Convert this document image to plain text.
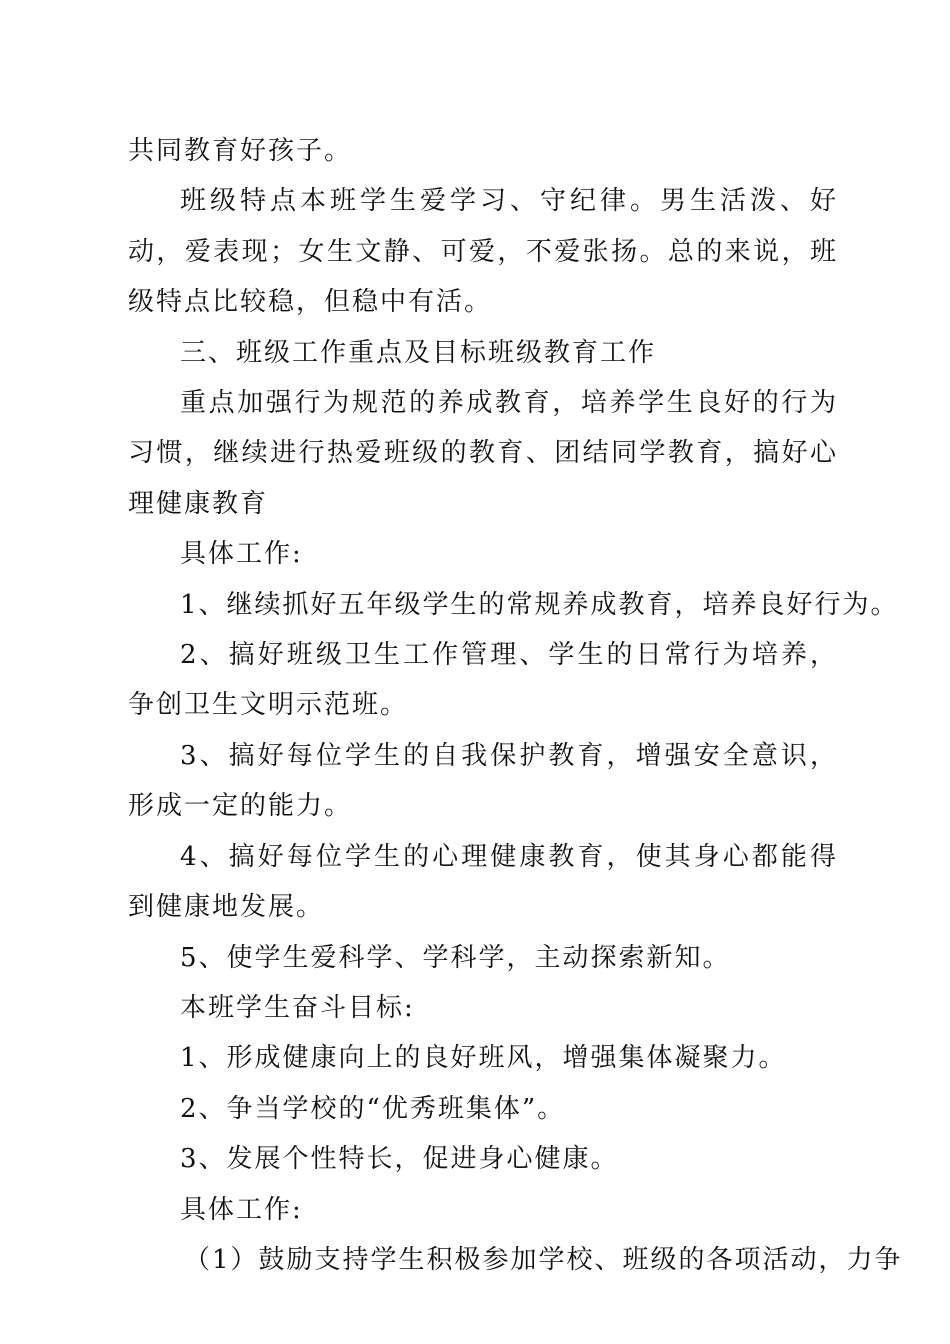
共同教育好孩子。

班级特点本班学生爱学习、守纪律。男生活泼、好动，爱表现；女生文静、可爱，不爱张扬。总的来说，班级特点比较稳，但稳中有活。

三、班级工作重点及目标班级教育工作

重点加强行为规范的养成教育，培养学生良好的行为习惯，继续进行热爱班级的教育、团结同学教育，搞好心理健康教育

具体工作:

1、继续抓好五年级学生的常规养成教育，培养良好行为。

2、搞好班级卫生工作管理、学生的日常行为培养，争创卫生文明示范班。

3、搞好每位学生的自我保护教育，增强安全意识，形成一定的能力。

4、搞好每位学生的心理健康教育，使其身心都能得到健康地发展。

5、使学生爱科学、学科学，主动探索新知。

本班学生奋斗目标:

1、形成健康向上的良好班风，增强集体凝聚力。

2、争当学校的“优秀班集体”。

3、发展个性特长，促进身心健康。

具体工作:

（1）鼓励支持学生积极参加学校、班级的各项活动，力争
